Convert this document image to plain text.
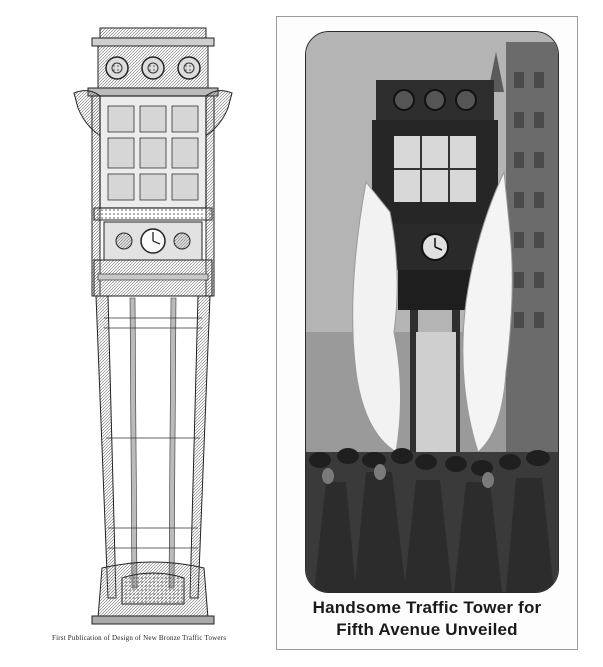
First Publication of Design of New Bronze Traffic Towers
Handsome Traffic Tower for
Fifth Avenue Unveiled
